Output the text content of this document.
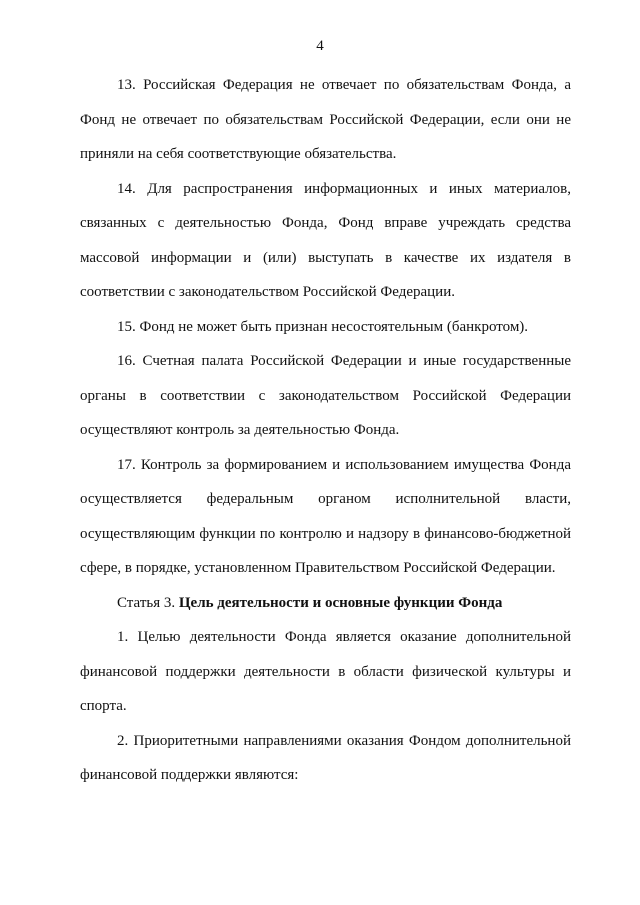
4

13. Российская Федерация не отвечает по обязательствам Фонда, а Фонд не отвечает по обязательствам Российской Федерации, если они не приняли на себя соответствующие обязательства.

14. Для распространения информационных и иных материалов, связанных с деятельностью Фонда, Фонд вправе учреждать средства массовой информации и (или) выступать в качестве их издателя в соответствии с законодательством Российской Федерации.

15. Фонд не может быть признан несостоятельным (банкротом).

16. Счетная палата Российской Федерации и иные государственные органы в соответствии с законодательством Российской Федерации осуществляют контроль за деятельностью Фонда.

17. Контроль за формированием и использованием имущества Фонда осуществляется федеральным органом исполнительной власти, осуществляющим функции по контролю и надзору в финансово-бюджетной сфере, в порядке, установленном Правительством Российской Федерации.

Статья 3. Цель деятельности и основные функции Фонда

1. Целью деятельности Фонда является оказание дополнительной финансовой поддержки деятельности в области физической культуры и спорта.

2. Приоритетными направлениями оказания Фондом дополнительной финансовой поддержки являются:
